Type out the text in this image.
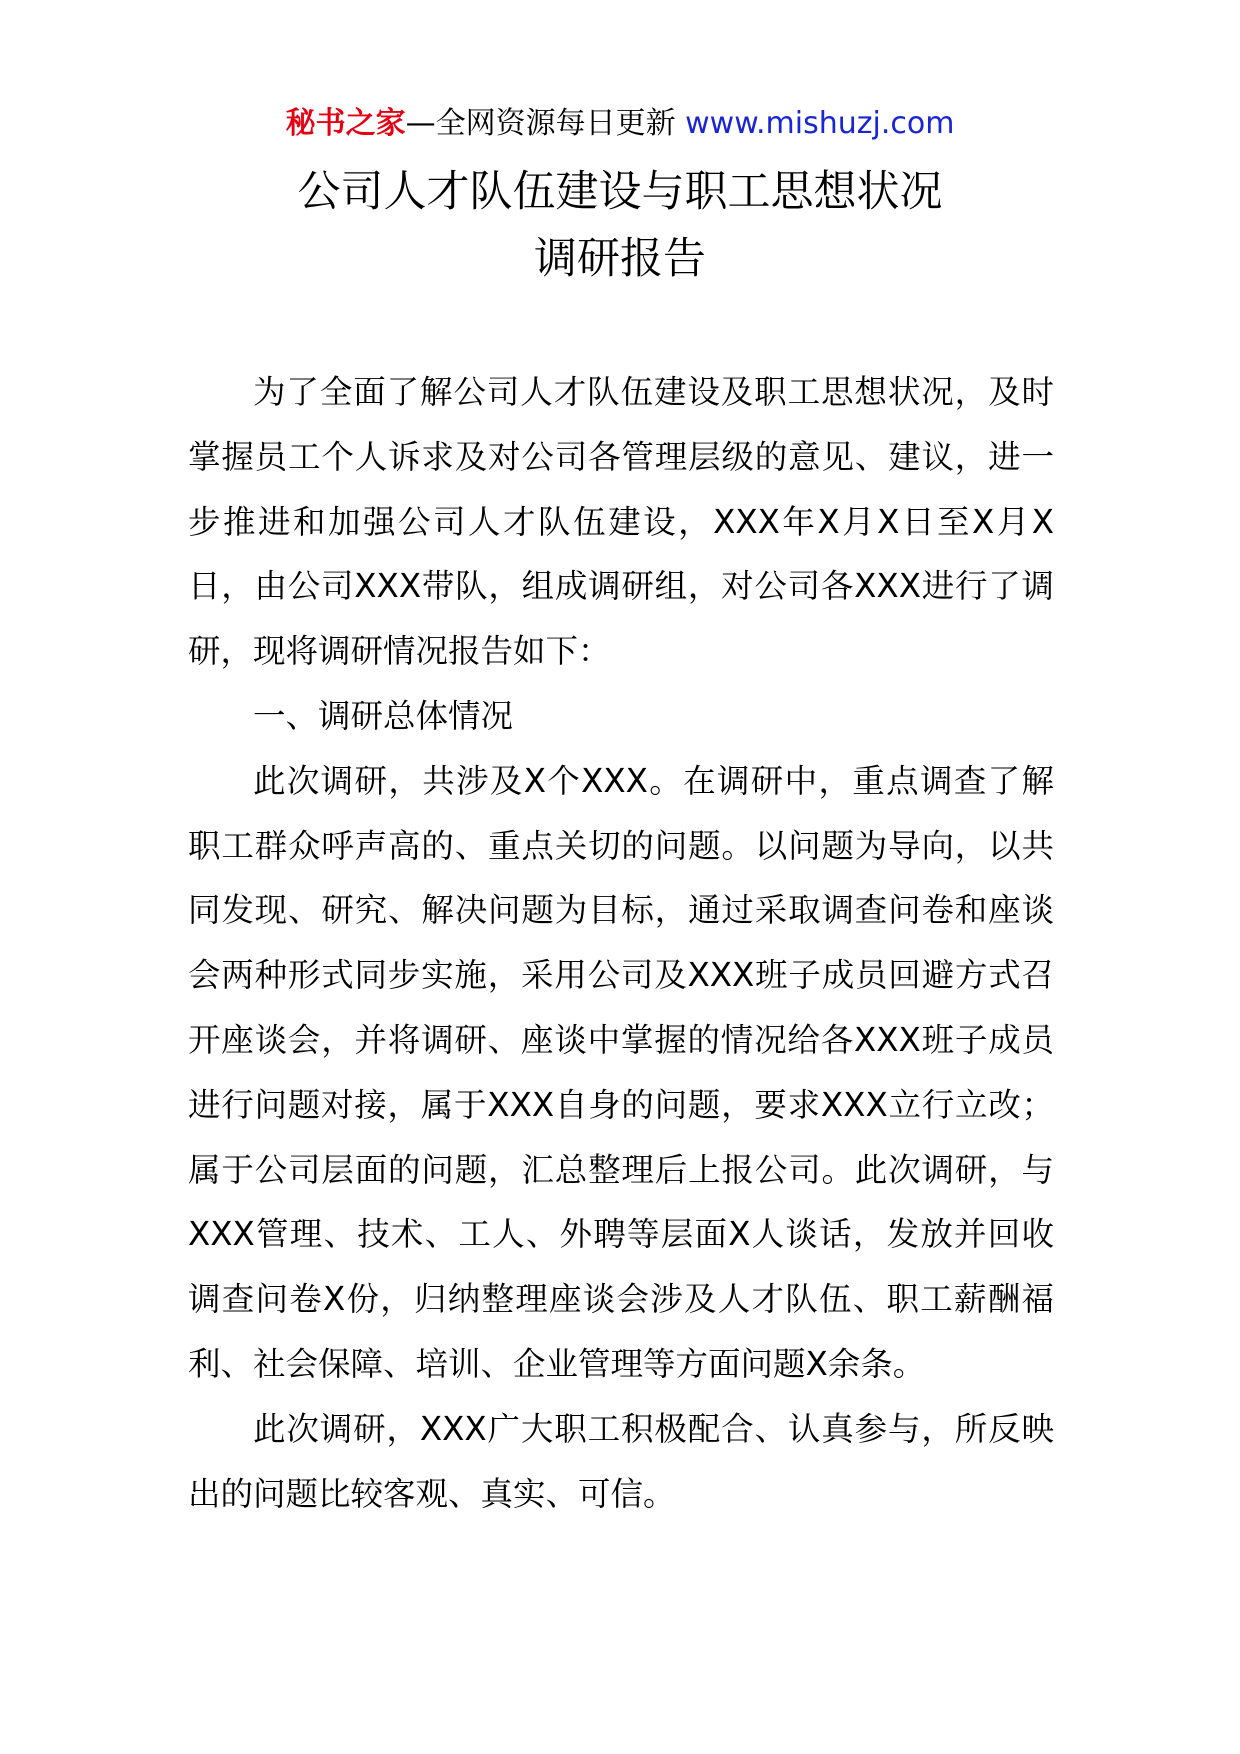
秘书之家—全网资源每日更新 www.mishuzj.com
公司人才队伍建设与职工思想状况
调研报告

为了全面了解公司人才队伍建设及职工思想状况，及时掌握员工个人诉求及对公司各管理层级的意见、建议，进一步推进和加强公司人才队伍建设，XXX年X月X日至X月X日，由公司XXX带队，组成调研组，对公司各XXX进行了调研，现将调研情况报告如下：

一、调研总体情况

此次调研，共涉及X个XXX。在调研中，重点调查了解职工群众呼声高的、重点关切的问题。以问题为导向，以共同发现、研究、解决问题为目标，通过采取调查问卷和座谈会两种形式同步实施，采用公司及XXX班子成员回避方式召开座谈会，并将调研、座谈中掌握的情况给各XXX班子成员进行问题对接，属于XXX自身的问题，要求XXX立行立改；属于公司层面的问题，汇总整理后上报公司。此次调研，与XXX管理、技术、工人、外聘等层面X人谈话，发放并回收调查问卷X份，归纳整理座谈会涉及人才队伍、职工薪酬福利、社会保障、培训、企业管理等方面问题X余条。

此次调研，XXX广大职工积极配合、认真参与，所反映出的问题比较客观、真实、可信。
